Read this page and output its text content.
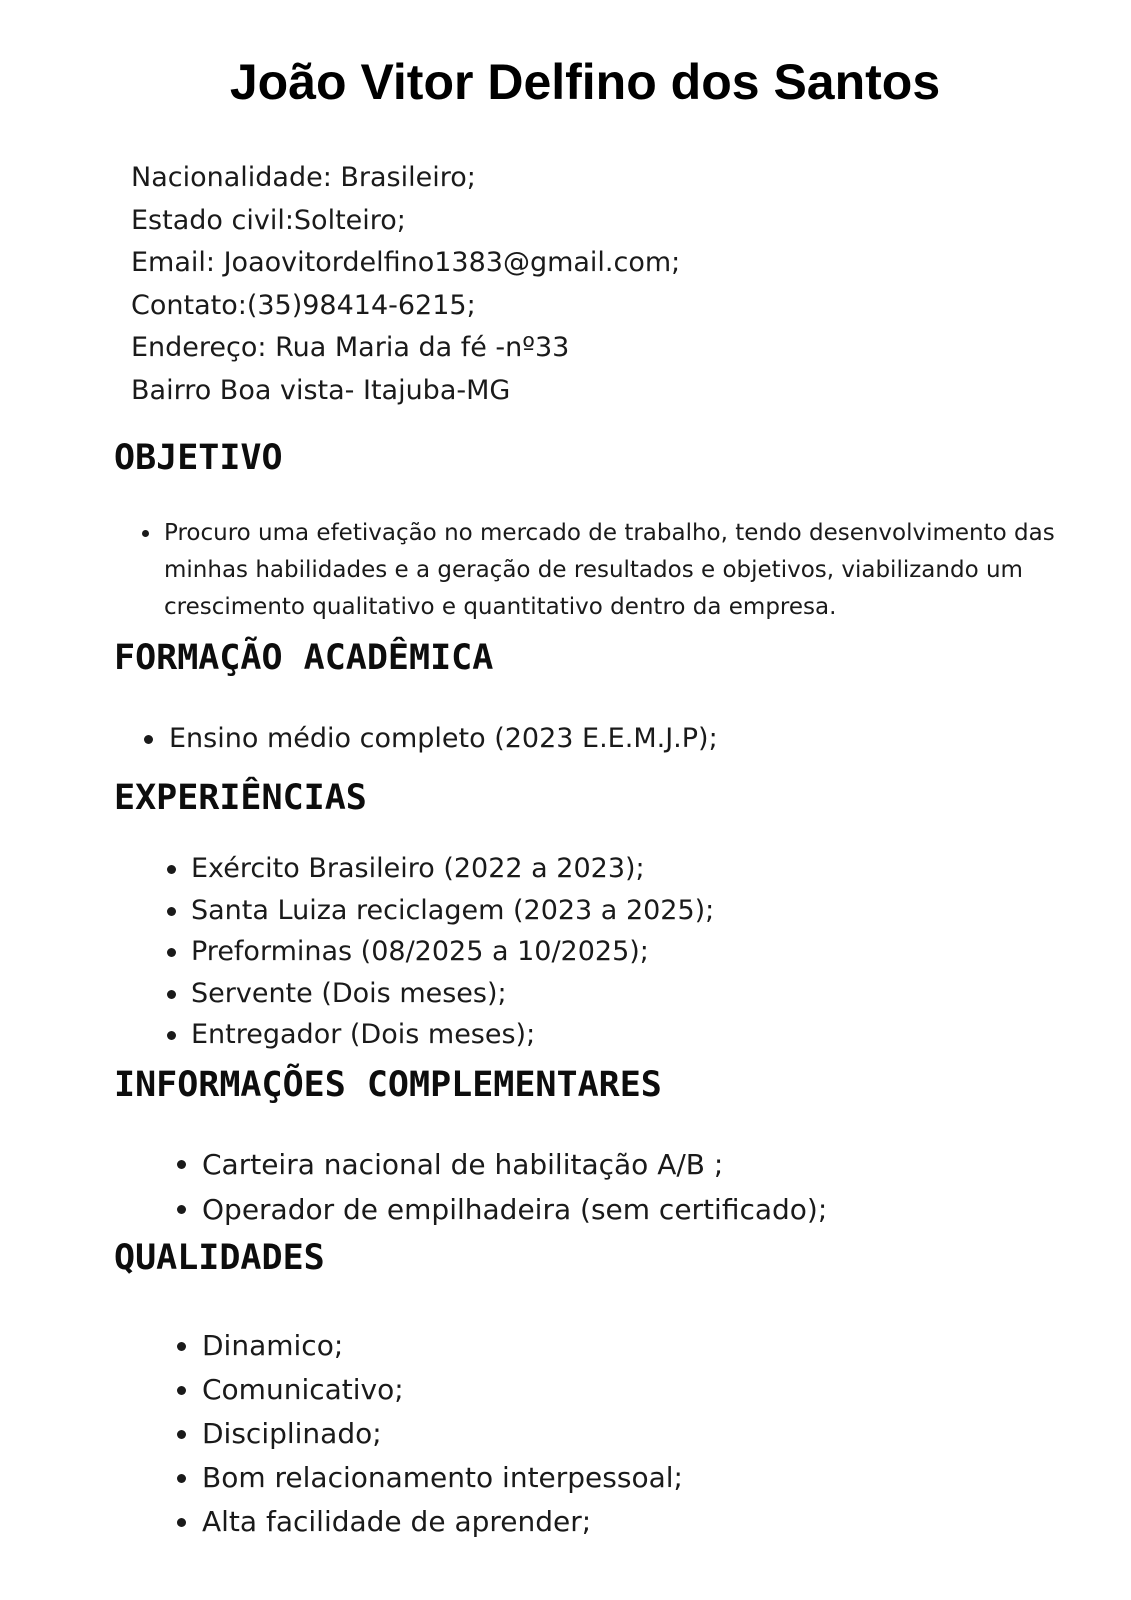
João Vitor Delfino dos Santos
Nacionalidade: Brasileiro;
Estado civil:Solteiro;
Email: Joaovitordelfino1383@gmail.com;
Contato:(35)98414-6215;
Endereço: Rua Maria da fé -nº33
Bairro Boa vista- Itajuba-MG
OBJETIVO
Procuro uma efetivação no mercado de trabalho, tendo desenvolvimento das minhas habilidades e a geração de resultados e objetivos, viabilizando um crescimento qualitativo e quantitativo dentro da empresa.
FORMAÇÃO ACADÊMICA
Ensino médio completo (2023 E.E.M.J.P);
EXPERIÊNCIAS
Exército Brasileiro (2022 a 2023);
Santa Luiza reciclagem (2023 a 2025);
Preforminas (08/2025 a 10/2025);
Servente (Dois meses);
Entregador (Dois meses);
INFORMAÇÕES COMPLEMENTARES
Carteira nacional de habilitação A/B ;
Operador de empilhadeira (sem certificado);
QUALIDADES
Dinamico;
Comunicativo;
Disciplinado;
Bom relacionamento interpessoal;
Alta facilidade de aprender;
